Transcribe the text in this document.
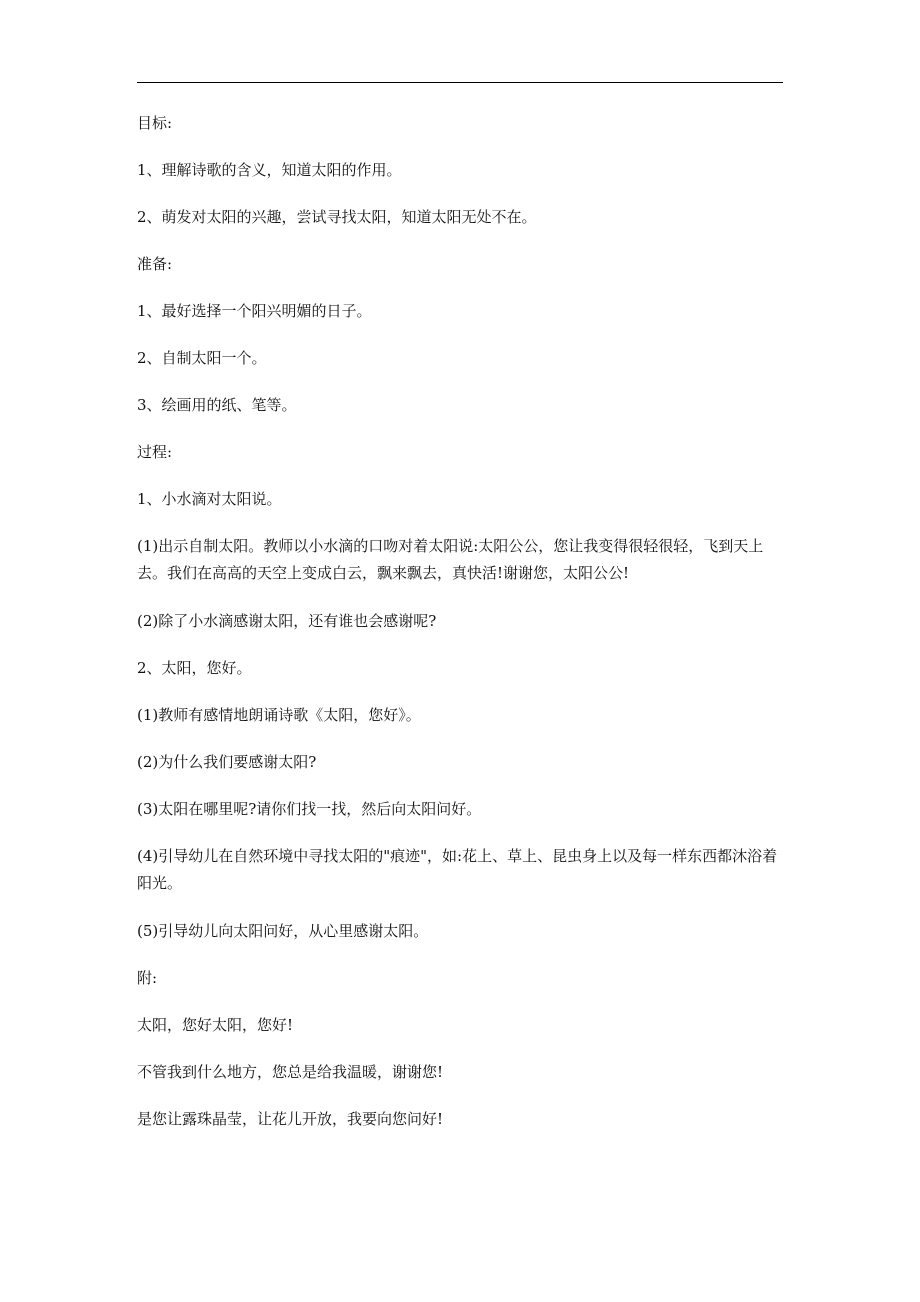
目标:

1、理解诗歌的含义，知道太阳的作用。

2、萌发对太阳的兴趣，尝试寻找太阳，知道太阳无处不在。

准备:

1、最好选择一个阳兴明媚的日子。

2、自制太阳一个。

3、绘画用的纸、笔等。

过程:

1、小水滴对太阳说。

(1)出示自制太阳。教师以小水滴的口吻对着太阳说:太阳公公，您让我变得很轻很轻，飞到天上去。我们在高高的天空上变成白云，飘来飘去，真快活!谢谢您，太阳公公!

(2)除了小水滴感谢太阳，还有谁也会感谢呢?

2、太阳，您好。

(1)教师有感情地朗诵诗歌《太阳，您好》。

(2)为什么我们要感谢太阳?

(3)太阳在哪里呢?请你们找一找，然后向太阳问好。

(4)引导幼儿在自然环境中寻找太阳的"痕迹"，如:花上、草上、昆虫身上以及每一样东西都沐浴着阳光。

(5)引导幼儿向太阳问好，从心里感谢太阳。

附:

太阳，您好太阳，您好!

不管我到什么地方，您总是给我温暖，谢谢您!

是您让露珠晶莹，让花儿开放，我要向您问好!
